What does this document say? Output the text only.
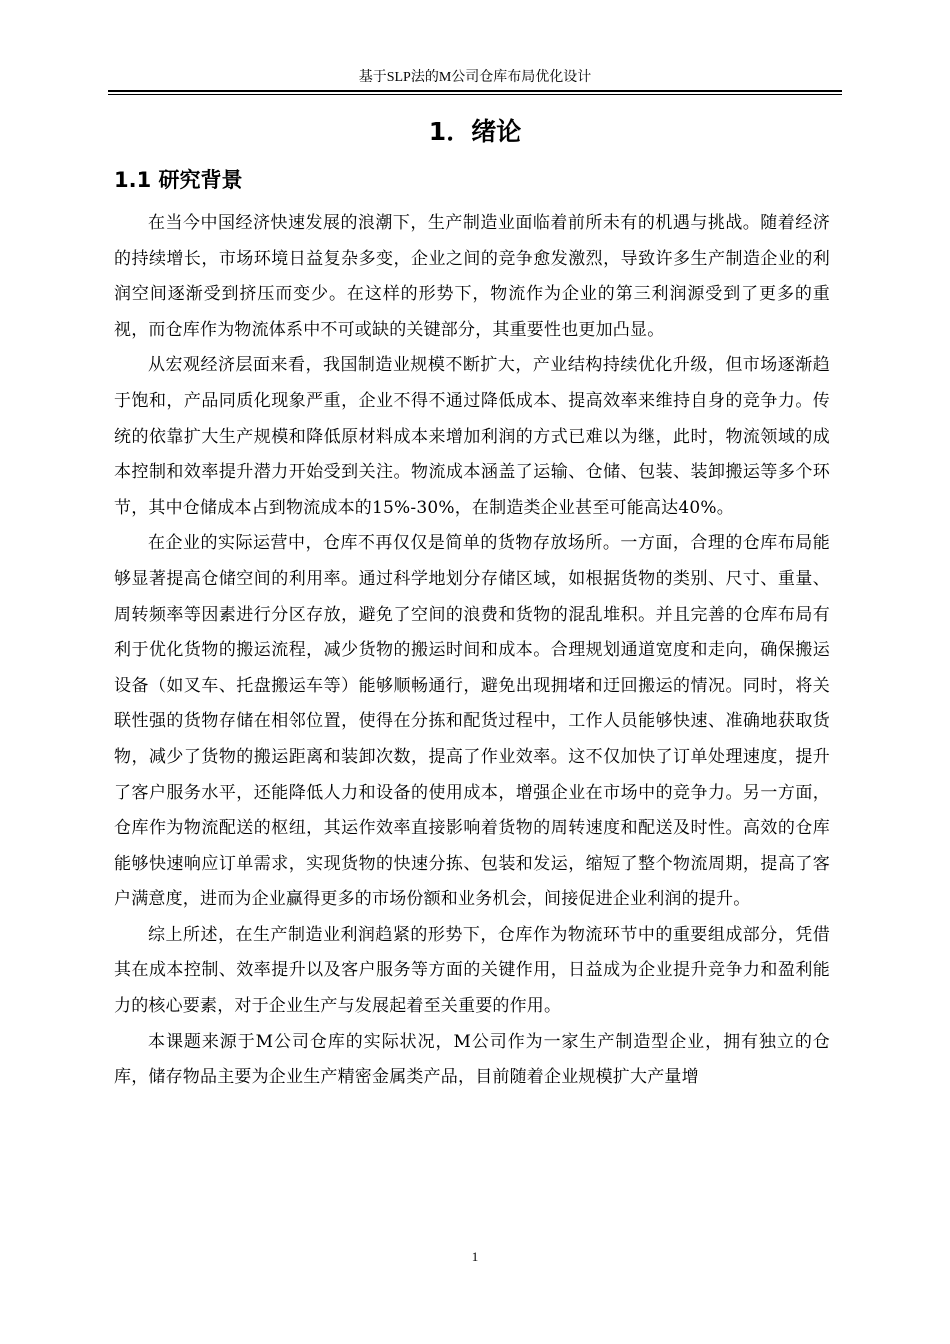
基于SLP法的M公司仓库布局优化设计
1．绪论
1.1 研究背景

在当今中国经济快速发展的浪潮下，生产制造业面临着前所未有的机遇与挑战。随着经济的持续增长，市场环境日益复杂多变，企业之间的竞争愈发激烈，导致许多生产制造企业的利润空间逐渐受到挤压而变少。在这样的形势下，物流作为企业的第三利润源受到了更多的重视，而仓库作为物流体系中不可或缺的关键部分，其重要性也更加凸显。

从宏观经济层面来看，我国制造业规模不断扩大，产业结构持续优化升级，但市场逐渐趋于饱和，产品同质化现象严重，企业不得不通过降低成本、提高效率来维持自身的竞争力。传统的依靠扩大生产规模和降低原材料成本来增加利润的方式已难以为继，此时，物流领域的成本控制和效率提升潜力开始受到关注。物流成本涵盖了运输、仓储、包装、装卸搬运等多个环节，其中仓储成本占到物流成本的15%-30%，在制造类企业甚至可能高达40%。

在企业的实际运营中，仓库不再仅仅是简单的货物存放场所。一方面，合理的仓库布局能够显著提高仓储空间的利用率。通过科学地划分存储区域，如根据货物的类别、尺寸、重量、周转频率等因素进行分区存放，避免了空间的浪费和货物的混乱堆积。并且完善的仓库布局有利于优化货物的搬运流程，减少货物的搬运时间和成本。合理规划通道宽度和走向，确保搬运设备（如叉车、托盘搬运车等）能够顺畅通行，避免出现拥堵和迂回搬运的情况。同时，将关联性强的货物存储在相邻位置，使得在分拣和配货过程中，工作人员能够快速、准确地获取货物，减少了货物的搬运距离和装卸次数，提高了作业效率。这不仅加快了订单处理速度，提升了客户服务水平，还能降低人力和设备的使用成本，增强企业在市场中的竞争力。另一方面，仓库作为物流配送的枢纽，其运作效率直接影响着货物的周转速度和配送及时性。高效的仓库能够快速响应订单需求，实现货物的快速分拣、包装和发运，缩短了整个物流周期，提高了客户满意度，进而为企业赢得更多的市场份额和业务机会，间接促进企业利润的提升。

综上所述，在生产制造业利润趋紧的形势下，仓库作为物流环节中的重要组成部分，凭借其在成本控制、效率提升以及客户服务等方面的关键作用，日益成为企业提升竞争力和盈利能力的核心要素，对于企业生产与发展起着至关重要的作用。

本课题来源于M公司仓库的实际状况，M公司作为一家生产制造型企业，拥有独立的仓库，储存物品主要为企业生产精密金属类产品，目前随着企业规模扩大产量增

1
